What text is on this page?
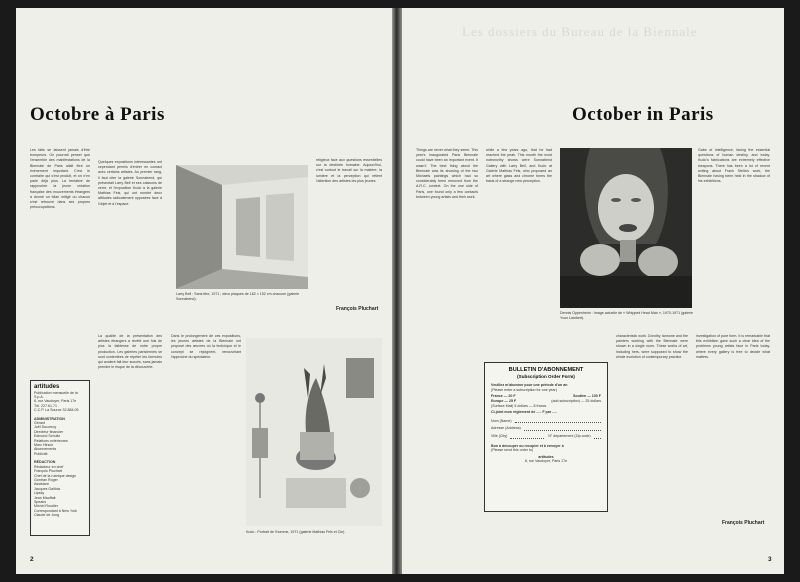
Octobre à Paris

Les faits se laissent jamais d'être trompeurs. On pourrait penser que l'ensemble des manifestations de la Biennale de Paris allait être un événement important. C'est le contraire qui s'est produit, et on n'en parle déjà plus. La tentative de rapprocher la jeune création française des mouvements étrangers a donné un bilan mitigé où chacun s'est retrouvé dans ses propres préoccupations.

artitudes
Publication mensuelle de la S.p.A.
8, rue Vaudoyer, Paris 17e
Tél. 227.61.71
C.C.P. La Source 32.884.05
ADMINISTRATION
Gérant
Joël Ducorroy
Directeur financier
Edmond Schultz
Relations extérieures
Marc Hirsch
Abonnements
Publicité
RÉDACTION
Rédacteur en chef
François Pluchart
Chef de la rubrique design
Gontran Roger
Assistant
Jacques Gaillois
Lipsky
Jean Mauffait
Speaks
Michel Roudier
Correspondant à New York
Claude de Jong

Quelques expositions intéressantes ont cependant permis d'entrer en contact avec certains artistes. Au premier rang, il faut citer la galerie Sonnabend, qui présentait Larry Bell et ses caissons de verre, et l'exposition Kudo à la galerie Mathias Fels, qui ont montré deux attitudes radicalement opposées face à l'objet et à l'espace.

La qualité de la présentation des artistes étrangers a révélé une fois de plus la faiblesse de notre propre production. Les galeries parisiennes se sont contentées de répéter les formules qui avaient fait leur succès, sans jamais prendre le risque de la découverte.

Larry Bell : Sans titre, 1971 ; deux plaques de 182 × 152 cm chacune (galerie Sonnabend).

religieux face aux questions essentielles sur la destinée humaine. Aujourd'hui, c'est surtout le travail sur la matière, la lumière et la perception qui retient l'attention des artistes les plus jeunes.

François Pluchart

Dans le prolongement de ces expositions, les jeunes artistes de la Biennale ont proposé des œuvres où la technique et le concept se rejoignent, renouvelant l'approche du spectateur.

Kudo : Portrait de l'homme, 1971 (galerie Mathias Fels et Cie).
2
Les dossiers du Bureau de la Biennale
October in Paris

Things are never what they seem. This year's inaugurated Paris Biennale could have been an important event. It wasn't. The best thing about the Biennale was its showing of the two Michaels paintings which had so considerably been removed from the A.R.C. context. On the one side of Paris, one found only a few contacts between young artists and their work.

while a few years ago, that he had reached the peak. This month the most noteworthy shows were Sonnabend Gallery with Larry Bell, and Kudo at Galerie Mathias Fels, who proposed an art where glass and chrome forms the basis of a strange new perception.

Gabe of Intelligence, facing the essential questions of human destiny, and today. Kudo's fabrications are extremely effective weapons. There has been a lot of recent writing about Frank Stella's work, the Biennale having been held in the shadow of his exhibitions.

Dennis Oppenheim : Image actuelle de « Whipped Head Man », 1970-1971 (galerie Yvon Lambert).
BULLETIN D'ABONNEMENT
(Subscription Order Form)
Veuillez m'abonner pour une période d'un an
(Please enter a subscription for one year)
France — 20 F	Soutien — 100 F
Europe — 25 F	(add subscription) — 25 dollars
(Surface Mail) 5 dollars — 8 francs
Ci-joint mon règlement de ..... F par .....
Nom (Name)
Adresse (Address)
Ville (City)	N° département (Zip code)
Bon à découper ou recopier et à envoyer à
(Please send this order to)
artitudes
8, rue Vaudoyer, Paris 17e

characteristic work. Dorothy Iannone and the painters working with the Biennale were shown in a single room. These works of art, including hers, were supposed to show the whole evolution of contemporary practice.

investigation of pure form. It is remarkable that this exhibition gave such a clear idea of the problems young artists face in Paris today, where every gallery is free to decide what matters.

François Pluchart
3
